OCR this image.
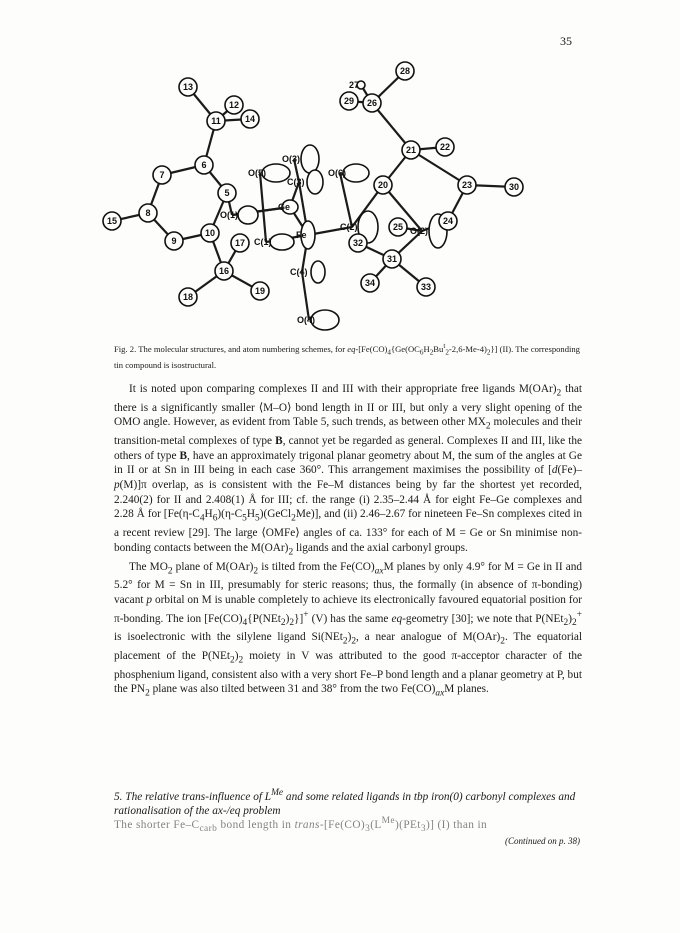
35
13
12
11	14
27
28
29 26
22
21
7
6
O(5)
O(3)
C(3)
O(6)
20	23	30
5
Ge
8
15
O(1)
10
C(1)
Fe
C(2)	25 O(2)
24
9	17	32
31
16	C(4)
34	33
18
19
O(4)
Fig. 2. The molecular structures, and atom numbering schemes, for $eq-[Fe(CO)_4\{Ge(OC_6H_2Bu^t_2-2,6-Me-4)_2\}]$ (II). The corresponding tin compound is isostructural.

It is noted upon comparing complexes II and III with their appropriate free ligands $M(OAr)_2$ that there is a significantly smaller ⟨M–O⟩ bond length in II or III, but only a very slight opening of the OMO angle. However, as evident from Table 5, such trends, as between other $MX_2$ molecules and their transition-metal complexes of type B, cannot yet be regarded as general. Complexes II and III, like the others of type B, have an approximately trigonal planar geometry about M, the sum of the angles at Ge in II or at Sn in III being in each case 360°. This arrangement maximises the possibility of [d(Fe)–p(M)]π overlap, as is consistent with the Fe–M distances being by far the shortest yet recorded, 2.240(2) for II and 2.408(1) Å for III; cf. the range (i) 2.35–2.44 Å for eight Fe–Ge complexes and 2.28 Å for $[Fe(\eta-C_4H_6)(\eta-C_5H_5)(GeCl_2Me)]$, and (ii) 2.46–2.67 for nineteen Fe–Sn complexes cited in a recent review [29]. The large ⟨OMFe⟩ angles of ca. 133° for each of M = Ge or Sn minimise non-bonding contacts between the $M(OAr)_2$ ligands and the axial carbonyl groups.

The $MO_2$ plane of $M(OAr)_2$ is tilted from the $Fe(CO)_{ax}M$ planes by only 4.9° for M = Ge in II and 5.2° for M = Sn in III, presumably for steric reasons; thus, the formally (in absence of π-bonding) vacant p orbital on M is unable completely to achieve its electronically favoured equatorial position for π-bonding. The ion $[Fe(CO)_4\{P(NEt_2)_2\}]^+$ (V) has the same eq-geometry [30]; we note that $P(NEt_2)_2^+$ is isoelectronic with the silylene ligand $Si(NEt_2)_2$, a near analogue of $M(OAr)_2$. The equatorial placement of the $P(NEt_2)_2$ moiety in V was attributed to the good π-acceptor character of the phosphenium ligand, consistent also with a very short Fe–P bond length and a planar geometry at P, but the $PN_2$ plane was also tilted between 31 and 38° from the two $Fe(CO)_{ax}M$ planes.

5. The relative trans-influence of $L^{Me}$ and some related ligands in tbp iron(0) carbonyl complexes and rationalisation of the ax-/eq problem
The shorter $Fe-C_{carb}$ bond length in trans-$[Fe(CO)_3(L^{Me})(PEt_3)]$ (I) than in
(Continued on p. 38)
